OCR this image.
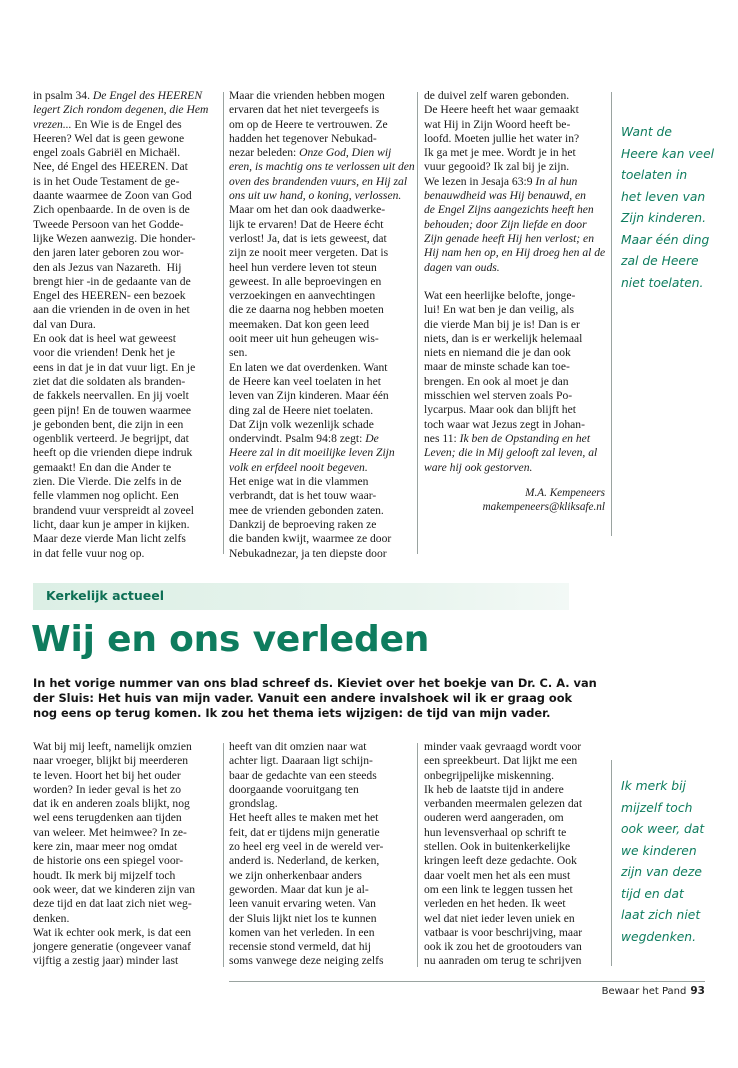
in psalm 34. De Engel des HEEREN
legert Zich rondom degenen, die Hem
vrezen... En Wie is de Engel des
Heeren? Wel dat is geen gewone
engel zoals Gabriël en Michaël.
Nee, dé Engel des HEEREN. Dat
is in het Oude Testament de ge-
daante waarmee de Zoon van God
Zich openbaarde. In de oven is de
Tweede Persoon van het Godde-
lijke Wezen aanwezig. Die honder-
den jaren later geboren zou wor-
den als Jezus van Nazareth.  Hij
brengt hier -in de gedaante van de
Engel des HEEREN- een bezoek
aan die vrienden in de oven in het
dal van Dura.
En ook dat is heel wat geweest
voor die vrienden! Denk het je
eens in dat je in dat vuur ligt. En je
ziet dat die soldaten als branden-
de fakkels neervallen. En jij voelt
geen pijn! En de touwen waarmee
je gebonden bent, die zijn in een
ogenblik verteerd. Je begrijpt, dat
heeft op die vrienden diepe indruk
gemaakt! En dan die Ander te
zien. Die Vierde. Die zelfs in de
felle vlammen nog oplicht. Een
brandend vuur verspreidt al zoveel
licht, daar kun je amper in kijken.
Maar deze vierde Man licht zelfs
in dat felle vuur nog op.
Maar die vrienden hebben mogen
ervaren dat het niet tevergeefs is
om op de Heere te vertrouwen. Ze
hadden het tegenover Nebukad-
nezar beleden: Onze God, Dien wij
eren, is machtig ons te verlossen uit den
oven des brandenden vuurs, en Hij zal
ons uit uw hand, o koning, verlossen.
Maar om het dan ook daadwerke-
lijk te ervaren! Dat de Heere écht
verlost! Ja, dat is iets geweest, dat
zijn ze nooit meer vergeten. Dat is
heel hun verdere leven tot steun
geweest. In alle beproevingen en
verzoekingen en aanvechtingen
die ze daarna nog hebben moeten
meemaken. Dat kon geen leed
ooit meer uit hun geheugen wis-
sen.
En laten we dat overdenken. Want
de Heere kan veel toelaten in het
leven van Zijn kinderen. Maar één
ding zal de Heere niet toelaten.
Dat Zijn volk wezenlijk schade
ondervindt. Psalm 94:8 zegt: De
Heere zal in dit moeilijke leven Zijn
volk en erfdeel nooit begeven.
Het enige wat in die vlammen
verbrandt, dat is het touw waar-
mee de vrienden gebonden zaten.
Dankzij de beproeving raken ze
die banden kwijt, waarmee ze door
Nebukadnezar, ja ten diepste door
de duivel zelf waren gebonden.
De Heere heeft het waar gemaakt
wat Hij in Zijn Woord heeft be-
loofd. Moeten jullie het water in?
Ik ga met je mee. Wordt je in het
vuur gegooid? Ik zal bij je zijn.
We lezen in Jesaja 63:9 In al hun
benauwdheid was Hij benauwd, en
de Engel Zijns aangezichts heeft hen
behouden; door Zijn liefde en door
Zijn genade heeft Hij hen verlost; en
Hij nam hen op, en Hij droeg hen al de
dagen van ouds.
Wat een heerlijke belofte, jonge-
lui! En wat ben je dan veilig, als
die vierde Man bij je is! Dan is er
niets, dan is er werkelijk helemaal
niets en niemand die je dan ook
maar de minste schade kan toe-
brengen. En ook al moet je dan
misschien wel sterven zoals Po-
lycarpus. Maar ook dan blijft het
toch waar wat Jezus zegt in Johan-
nes 11: Ik ben de Opstanding en het
Leven; die in Mij gelooft zal leven, al
ware hij ook gestorven.
M.A. Kempeneers
makempeneers@kliksafe.nl
Want de
Heere kan veel
toelaten in
het leven van
Zijn kinderen.
Maar één ding
zal de Heere
niet toelaten.
Kerkelijk actueel
Wij en ons verleden
In het vorige nummer van ons blad schreef ds. Kieviet over het boekje van Dr. C. A. van
der Sluis: Het huis van mijn vader. Vanuit een andere invalshoek wil ik er graag ook
nog eens op terug komen. Ik zou het thema iets wijzigen: de tijd van mijn vader.
Wat bij mij leeft, namelijk omzien
naar vroeger, blijkt bij meerderen
te leven. Hoort het bij het ouder
worden? In ieder geval is het zo
dat ik en anderen zoals blijkt, nog
wel eens terugdenken aan tijden
van weleer. Met heimwee? In ze-
kere zin, maar meer nog omdat
de historie ons een spiegel voor-
houdt. Ik merk bij mijzelf toch
ook weer, dat we kinderen zijn van
deze tijd en dat laat zich niet weg-
denken.
Wat ik echter ook merk, is dat een
jongere generatie (ongeveer vanaf
vijftig a zestig jaar) minder last
heeft van dit omzien naar wat
achter ligt. Daaraan ligt schijn-
baar de gedachte van een steeds
doorgaande vooruitgang ten
grondslag.
Het heeft alles te maken met het
feit, dat er tijdens mijn generatie
zo heel erg veel in de wereld ver-
anderd is. Nederland, de kerken,
we zijn onherkenbaar anders
geworden. Maar dat kun je al-
leen vanuit ervaring weten. Van
der Sluis lijkt niet los te kunnen
komen van het verleden. In een
recensie stond vermeld, dat hij
soms vanwege deze neiging zelfs
minder vaak gevraagd wordt voor
een spreekbeurt. Dat lijkt me een
onbegrijpelijke miskenning.
Ik heb de laatste tijd in andere
verbanden meermalen gelezen dat
ouderen werd aangeraden, om
hun levensverhaal op schrift te
stellen. Ook in buitenkerkelijke
kringen leeft deze gedachte. Ook
daar voelt men het als een must
om een link te leggen tussen het
verleden en het heden. Ik weet
wel dat niet ieder leven uniek en
vatbaar is voor beschrijving, maar
ook ik zou het de grootouders van
nu aanraden om terug te schrijven
Ik merk bij
mijzelf toch
ook weer, dat
we kinderen
zijn van deze
tijd en dat
laat zich niet
wegdenken.
Bewaar het Pand 93
